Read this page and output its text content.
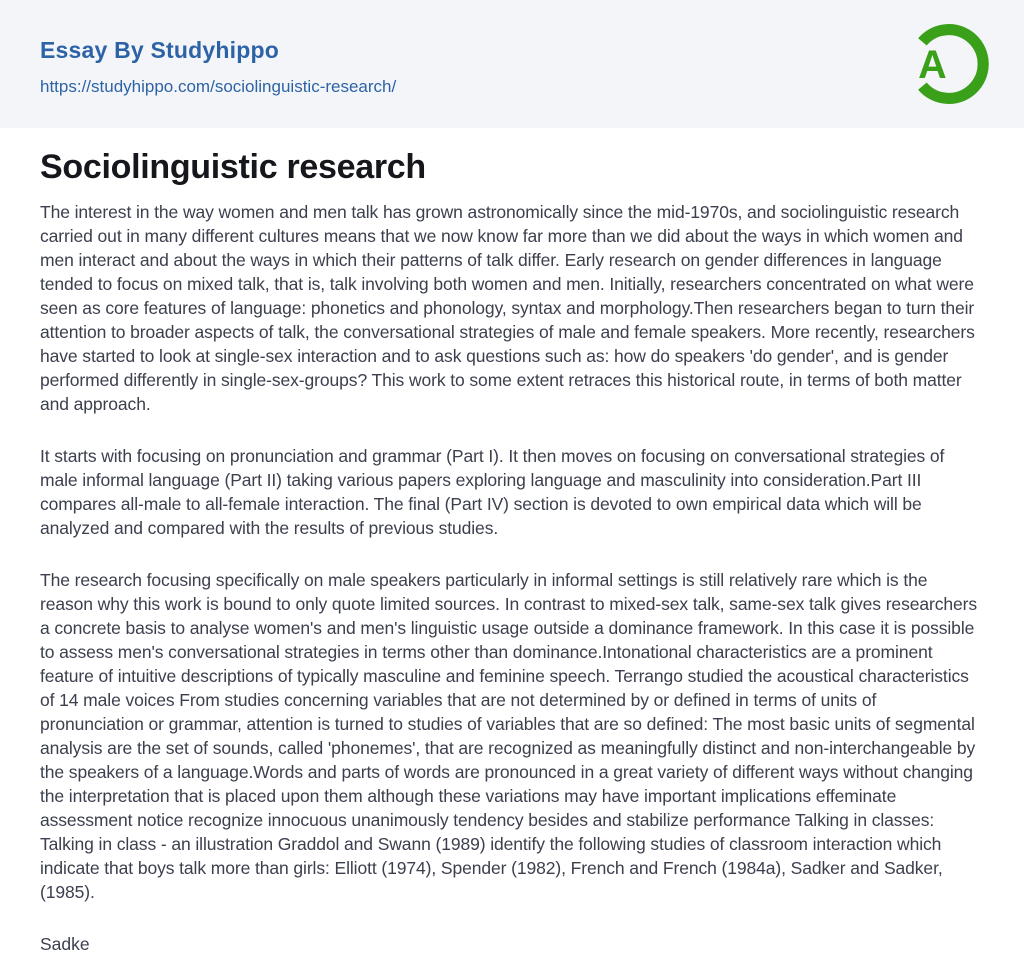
Essay By Studyhippo
https://studyhippo.com/sociolinguistic-research/	A
Sociolinguistic research

The interest in the way women and men talk has grown astronomically since the mid-1970s, and sociolinguistic research carried out in many different cultures means that we now know far more than we did about the ways in which women and men interact and about the ways in which their patterns of talk differ. Early research on gender differences in language tended to focus on mixed talk, that is, talk involving both women and men. Initially, researchers concentrated on what were seen as core features of language: phonetics and phonology, syntax and morphology.Then researchers began to turn their attention to broader aspects of talk, the conversational strategies of male and female speakers. More recently, researchers have started to look at single-sex interaction and to ask questions such as: how do speakers 'do gender', and is gender performed differently in single-sex-groups? This work to some extent retraces this historical route, in terms of both matter and approach.

It starts with focusing on pronunciation and grammar (Part I). It then moves on focusing on conversational strategies of male informal language (Part II) taking various papers exploring language and masculinity into consideration.Part III compares all-male to all-female interaction. The final (Part IV) section is devoted to own empirical data which will be analyzed and compared with the results of previous studies.

The research focusing specifically on male speakers particularly in informal settings is still relatively rare which is the reason why this work is bound to only quote limited sources. In contrast to mixed-sex talk, same-sex talk gives researchers a concrete basis to analyse women's and men's linguistic usage outside a dominance framework. In this case it is possible to assess men's conversational strategies in terms other than dominance.Intonational characteristics are a prominent feature of intuitive descriptions of typically masculine and feminine speech. Terrango studied the acoustical characteristics of 14 male voices From studies concerning variables that are not determined by or defined in terms of units of pronunciation or grammar, attention is turned to studies of variables that are so defined: The most basic units of segmental analysis are the set of sounds, called 'phonemes', that are recognized as meaningfully distinct and non-interchangeable by the speakers of a language.Words and parts of words are pronounced in a great variety of different ways without changing the interpretation that is placed upon them although these variations may have important implications effeminate assessment notice recognize innocuous unanimously tendency besides and stabilize performance Talking in classes: Talking in class - an illustration Graddol and Swann (1989) identify the following studies of classroom interaction which indicate that boys talk more than girls: Elliott (1974), Spender (1982), French and French (1984a), Sadker and Sadker, (1985).

Sadke
